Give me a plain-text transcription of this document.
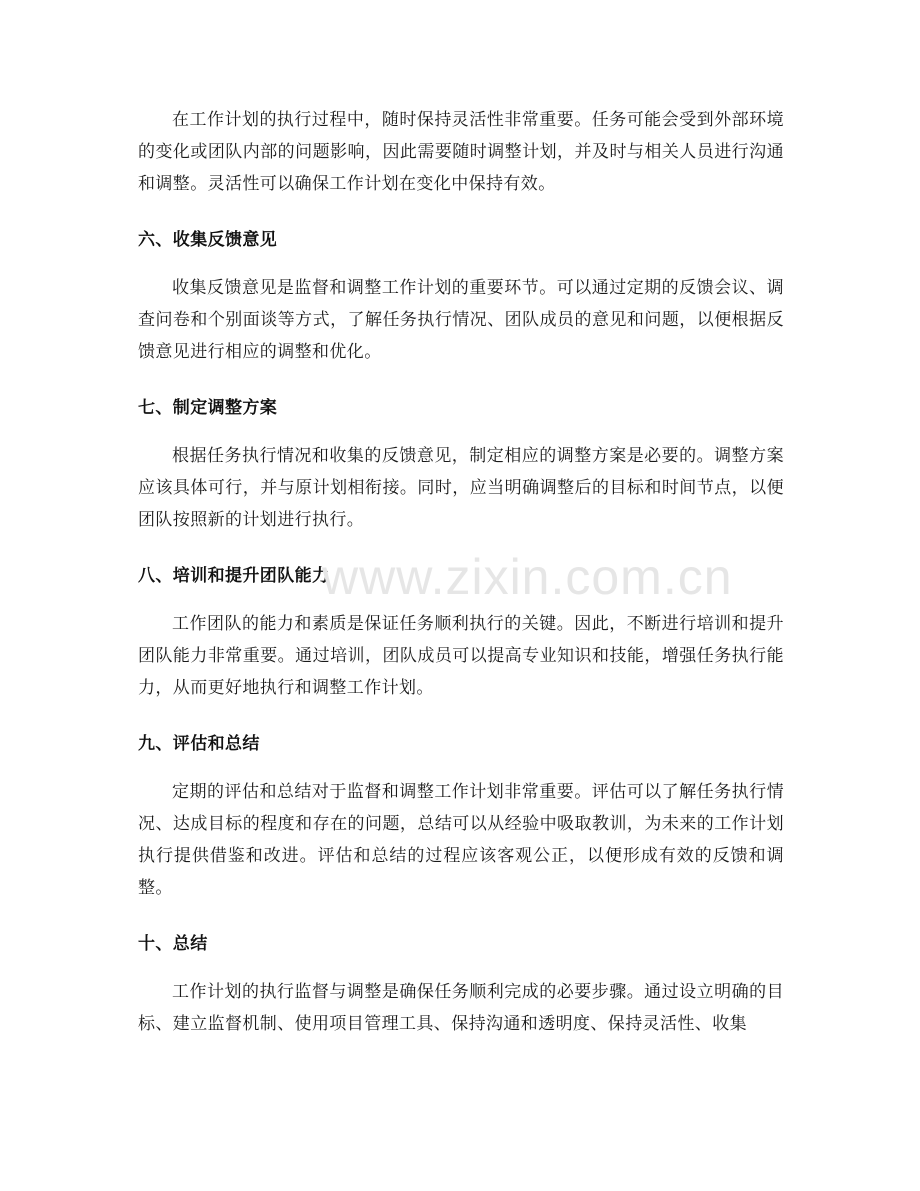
在工作计划的执行过程中，随时保持灵活性非常重要。任务可能会受到外部环境的变化或团队内部的问题影响，因此需要随时调整计划，并及时与相关人员进行沟通和调整。灵活性可以确保工作计划在变化中保持有效。

六、收集反馈意见

收集反馈意见是监督和调整工作计划的重要环节。可以通过定期的反馈会议、调查问卷和个别面谈等方式，了解任务执行情况、团队成员的意见和问题，以便根据反馈意见进行相应的调整和优化。

七、制定调整方案

根据任务执行情况和收集的反馈意见，制定相应的调整方案是必要的。调整方案应该具体可行，并与原计划相衔接。同时，应当明确调整后的目标和时间节点，以便团队按照新的计划进行执行。

八、培训和提升团队能力

工作团队的能力和素质是保证任务顺利执行的关键。因此，不断进行培训和提升团队能力非常重要。通过培训，团队成员可以提高专业知识和技能，增强任务执行能力，从而更好地执行和调整工作计划。

九、评估和总结

定期的评估和总结对于监督和调整工作计划非常重要。评估可以了解任务执行情况、达成目标的程度和存在的问题，总结可以从经验中吸取教训，为未来的工作计划执行提供借鉴和改进。评估和总结的过程应该客观公正，以便形成有效的反馈和调整。

十、总结

工作计划的执行监督与调整是确保任务顺利完成的必要步骤。通过设立明确的目标、建立监督机制、使用项目管理工具、保持沟通和透明度、保持灵活性、收集

www.zixin.com.cn
